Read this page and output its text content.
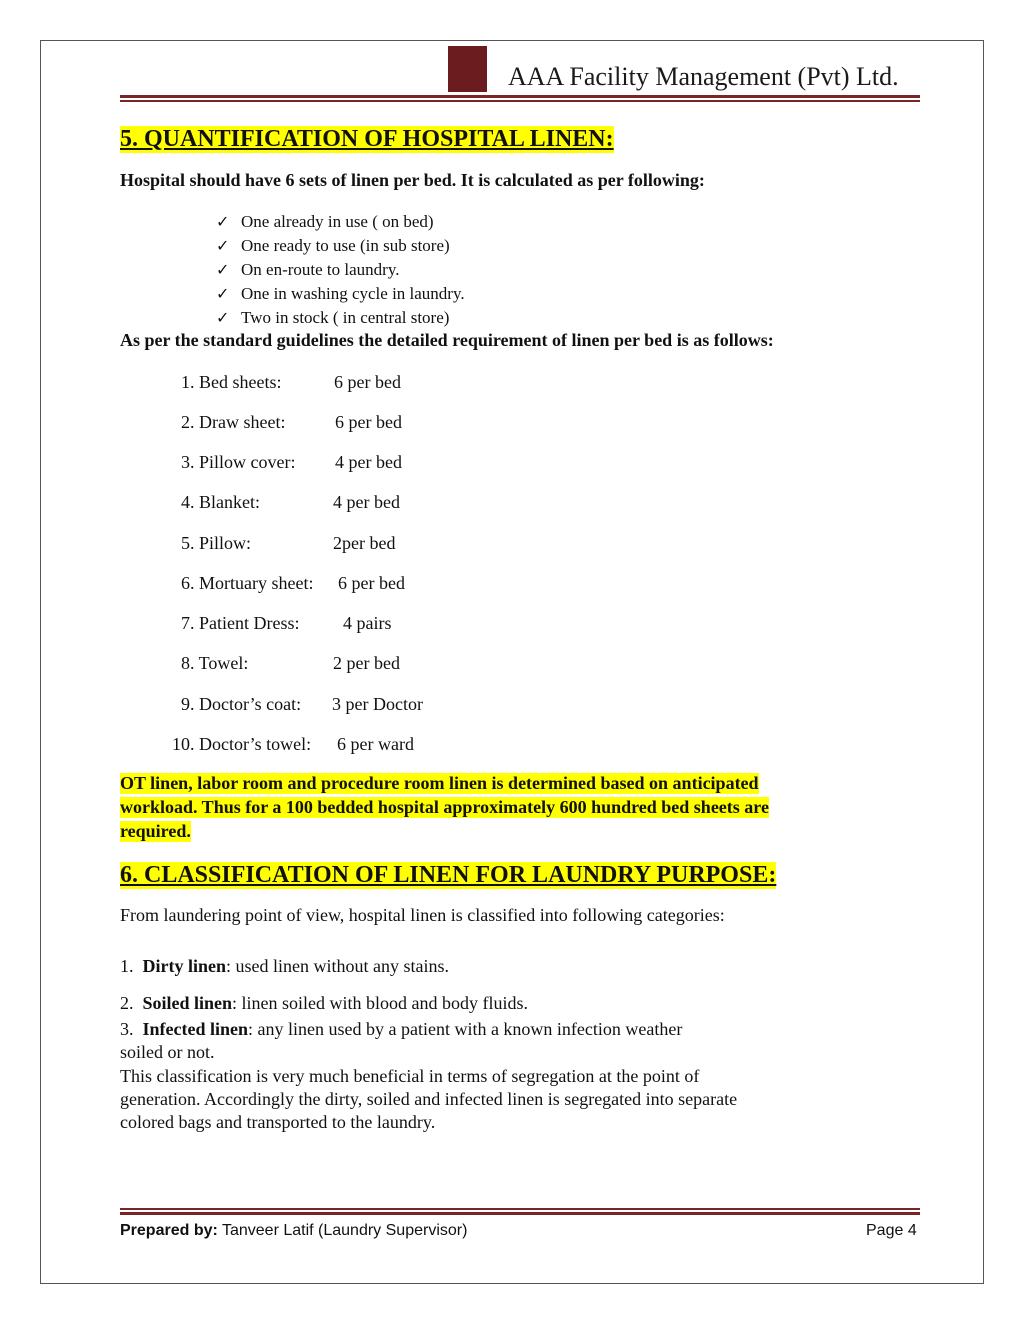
AAA Facility Management (Pvt) Ltd.
5. QUANTIFICATION OF HOSPITAL LINEN:
Hospital should have 6 sets of linen per bed. It is calculated as per following:
✓ One already in use ( on bed)
✓ One ready to use (in sub store)
✓ On en-route to laundry.
✓ One in washing cycle in laundry.
✓ Two in stock ( in central store)
As per the standard guidelines the detailed requirement of linen per bed is as follows:
1. Bed sheets:	6 per bed
2. Draw sheet:	6 per bed
3. Pillow cover: 4 per bed
4. Blanket:	4 per bed
5. Pillow:	2per bed
6. Mortuary sheet: 6 per bed
7. Patient Dress: 4 pairs
8. Towel:	2 per bed
9. Doctor’s coat: 3 per Doctor
10. Doctor’s towel: 6 per ward
OT linen, labor room and procedure room linen is determined based on anticipated
workload. Thus for a 100 bedded hospital approximately 600 hundred bed sheets are
required.
6. CLASSIFICATION OF LINEN FOR LAUNDRY PURPOSE:
From laundering point of view, hospital linen is classified into following categories:
1. Dirty linen: used linen without any stains.
2. Soiled linen: linen soiled with blood and body fluids.
3. Infected linen: any linen used by a patient with a known infection weather
soiled or not.
This classification is very much beneficial in terms of segregation at the point of
generation. Accordingly the dirty, soiled and infected linen is segregated into separate
colored bags and transported to the laundry.
Prepared by: Tanveer Latif (Laundry Supervisor)	Page 4
